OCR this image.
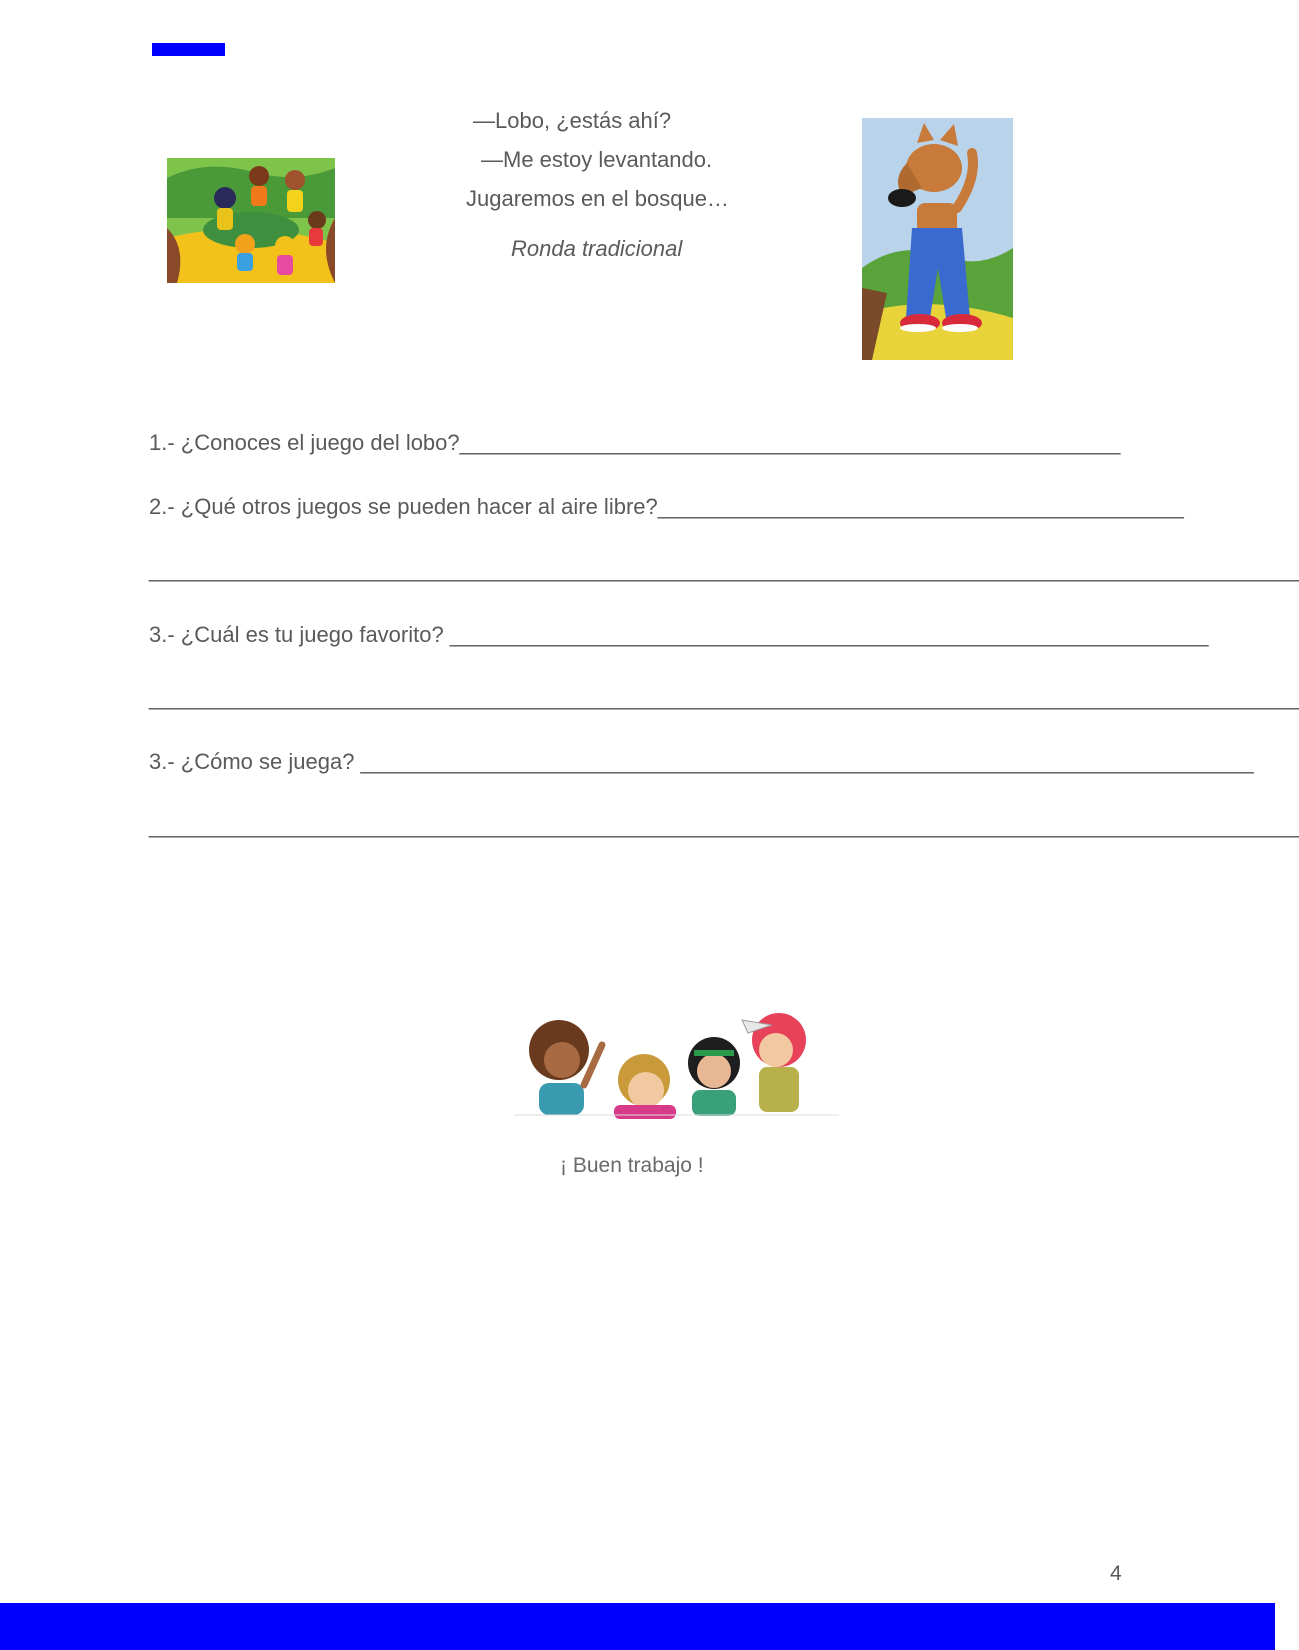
—Lobo, ¿estás ahí?
—Me estoy levantando.
Jugaremos en el bosque…
Ronda tradicional
1.- ¿Conoces el juego del lobo?______________________________________________________
2.- ¿Qué otros juegos se pueden hacer al aire libre?___________________________________________
______________________________________________________________________________________________
3.- ¿Cuál es tu juego favorito? ______________________________________________________________
______________________________________________________________________________________________
3.- ¿Cómo se juega? _________________________________________________________________________
______________________________________________________________________________________________
¡ Buen trabajo !
4
